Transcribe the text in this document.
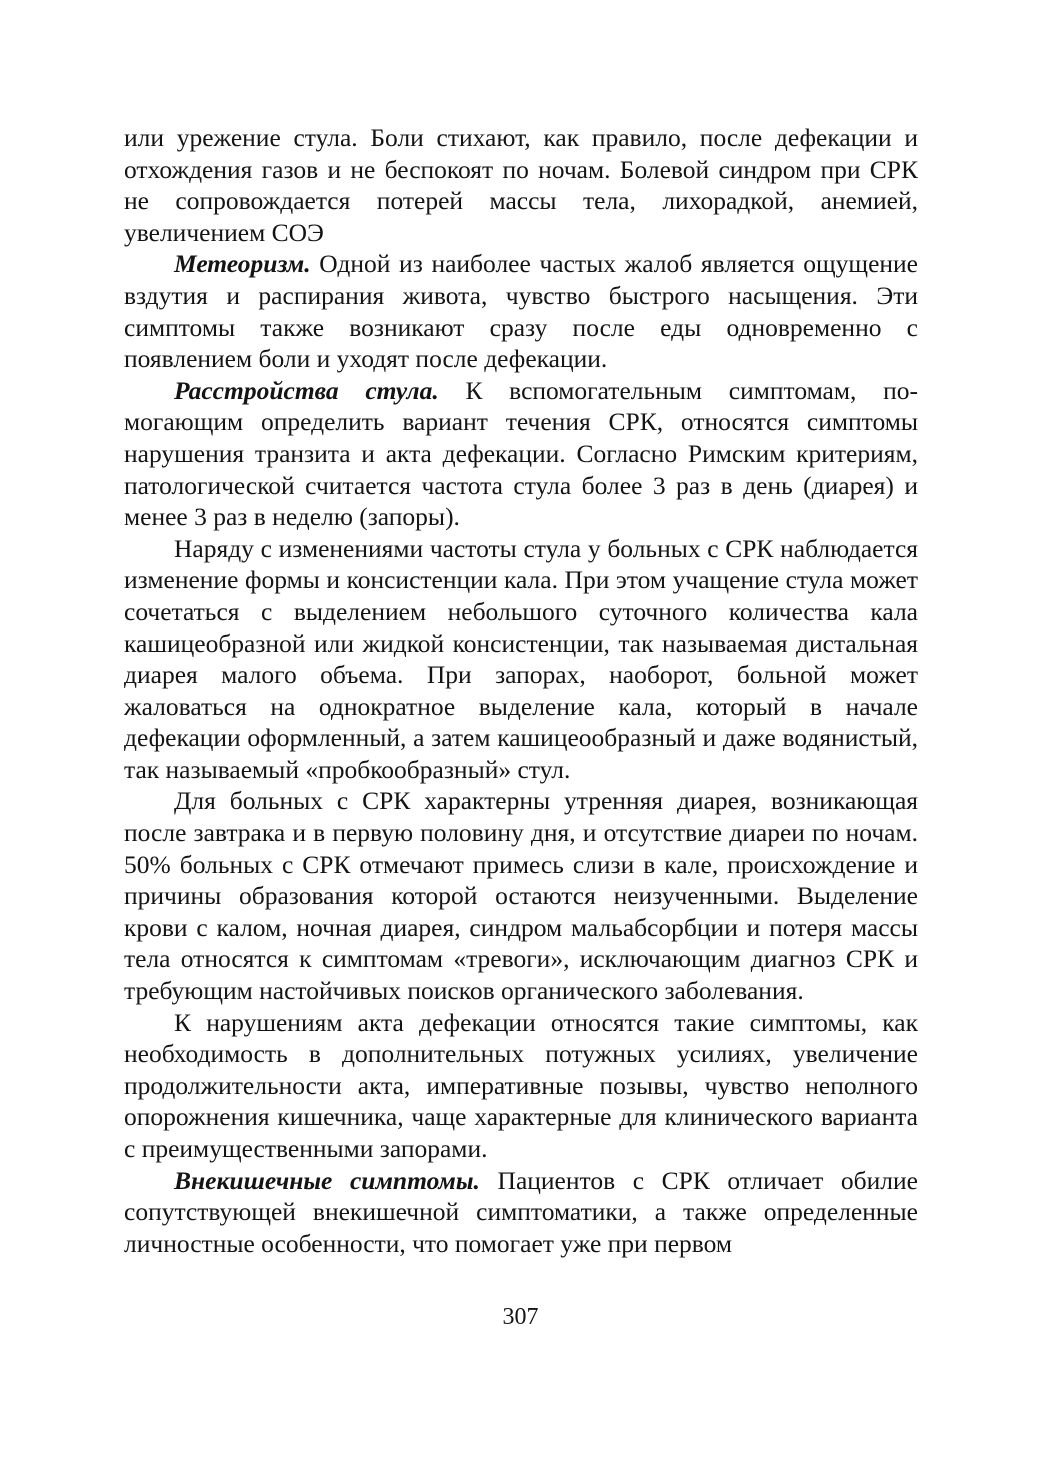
или урежение стула. Боли стихают, как правило, после дефекации и отхождения газов и не беспокоят по ночам. Болевой синдром при СРК не сопровождается потерей массы тела, лихорадкой, анемией, увеличением СОЭ

Метеоризм. Одной из наиболее частых жалоб является ощущение вздутия и распирания живота, чувство быстрого насыщения. Эти симптомы также возникают сразу после еды одновременно с появлением боли и уходят после дефекации.

Расстройства стула. К вспомогательным симптомам, помогающим определить вариант течения СРК, относятся симптомы нарушения транзита и акта дефекации. Согласно Римским критериям, патологической считается частота стула более 3 раз в день (диарея) и менее 3 раз в неделю (запоры).

Наряду с изменениями частоты стула у больных с СРК наблюдается изменение формы и консистенции кала. При этом учащение стула может сочетаться с выделением небольшого суточного количества кала кашицеобразной или жидкой консистенции, так называемая дистальная диарея малого объема. При запорах, наоборот, больной может жаловаться на однократное выделение кала, который в начале дефекации оформленный, а затем кашицеообразный и даже водянистый, так называемый «пробкообразный» стул.

Для больных с СРК характерны утренняя диарея, возникающая после завтрака и в первую половину дня, и отсутствие диареи по ночам. 50% больных с СРК отмечают примесь слизи в кале, происхождение и причины образования которой остаются неизученными. Выделение крови с калом, ночная диарея, синдром мальабсорбции и потеря массы тела относятся к симптомам «тревоги», исключающим диагноз СРК и требующим настойчивых поисков органического заболевания.

К нарушениям акта дефекации относятся такие симптомы, как необходимость в дополнительных потужных усилиях, увеличение продолжительности акта, императивные позывы, чувство неполного опорожнения кишечника, чаще характерные для клинического варианта с преимущественными запорами.

Внекишечные симптомы. Пациентов с СРК отличает обилие сопутствующей внекишечной симптоматики, а также определенные личностные особенности, что помогает уже при первом

307
